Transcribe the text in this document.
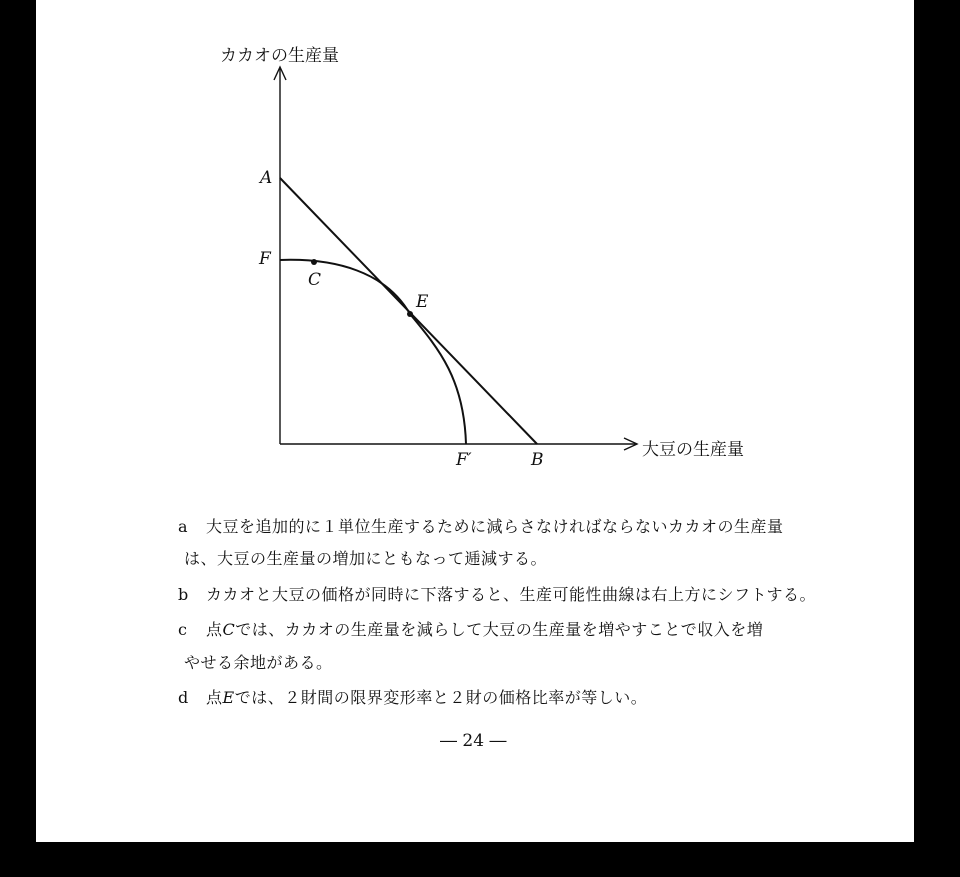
カカオの生産量
大豆の生産量
A
F
C
E
F′	B
a 大豆を追加的に１単位生産するために減らさなければならないカカオの生産量
は、大豆の生産量の増加にともなって逓減する。
b カカオと大豆の価格が同時に下落すると、生産可能性曲線は右上方にシフトする。
c 点Cでは、カカオの生産量を減らして大豆の生産量を増やすことで収入を増
やせる余地がある。
d 点Eでは、２財間の限界変形率と２財の価格比率が等しい。
― 24 ―
